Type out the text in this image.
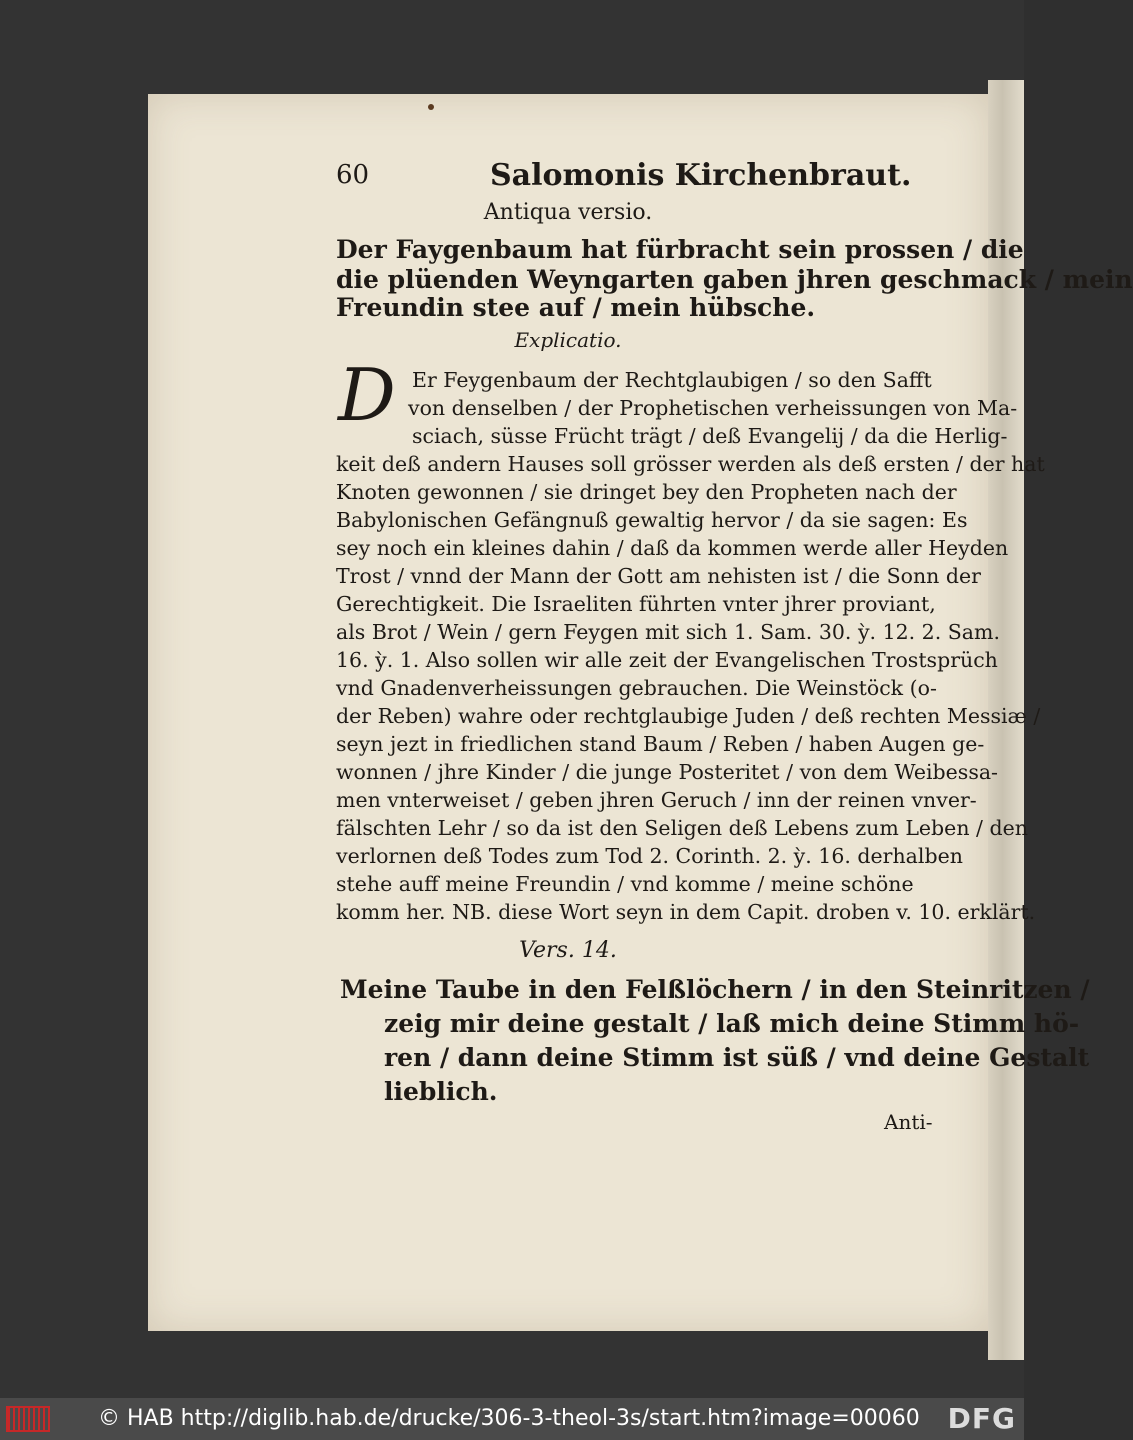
60	Salomonis Kirchenbraut.
Antiqua versio.
Der Faygenbaum hat fürbracht sein prossen / die
die plüenden Weyngarten gaben jhren geschmack / mein
Freundin stee auf / mein hübsche.
Explicatio.
D Er Feygenbaum der Rechtglaubigen / so den Safft
von denselben / der Prophetischen verheissungen von Ma-
sciach, süsse Frücht trägt / deß Evangelij / da die Herlig-
keit deß andern Hauses soll grösser werden als deß ersten / der hat
Knoten gewonnen / sie dringet bey den Propheten nach der
Babylonischen Gefängnuß gewaltig hervor / da sie sagen: Es
sey noch ein kleines dahin / daß da kommen werde aller Heyden
Trost / vnnd der Mann der Gott am nehisten ist / die Sonn der
Gerechtigkeit. Die Israeliten führten vnter jhrer proviant,
als Brot / Wein / gern Feygen mit sich 1. Sam. 30. ỳ. 12. 2. Sam.
16. ỳ. 1. Also sollen wir alle zeit der Evangelischen Trostsprüch
vnd Gnadenverheissungen gebrauchen. Die Weinstöck (o-
der Reben) wahre oder rechtglaubige Juden / deß rechten Messiæ /
seyn jezt in friedlichen stand Baum / Reben / haben Augen ge-
wonnen / jhre Kinder / die junge Posteritet / von dem Weibessa-
men vnterweiset / geben jhren Geruch / inn der reinen vnver-
fälschten Lehr / so da ist den Seligen deß Lebens zum Leben / den
verlornen deß Todes zum Tod 2. Corinth. 2. ỳ. 16. derhalben
stehe auff meine Freundin / vnd komme / meine schöne
komm her. NB. diese Wort seyn in dem Capit. droben v. 10. erklärt.
Vers. 14.
Meine Taube in den Felßlöchern / in den Steinritzen /
zeig mir deine gestalt / laß mich deine Stimm hö-
ren / dann deine Stimm ist süß / vnd deine Gestalt
lieblich.
Anti-
© HAB http://diglib.hab.de/drucke/306-3-theol-3s/start.htm?image=00060 DFG
